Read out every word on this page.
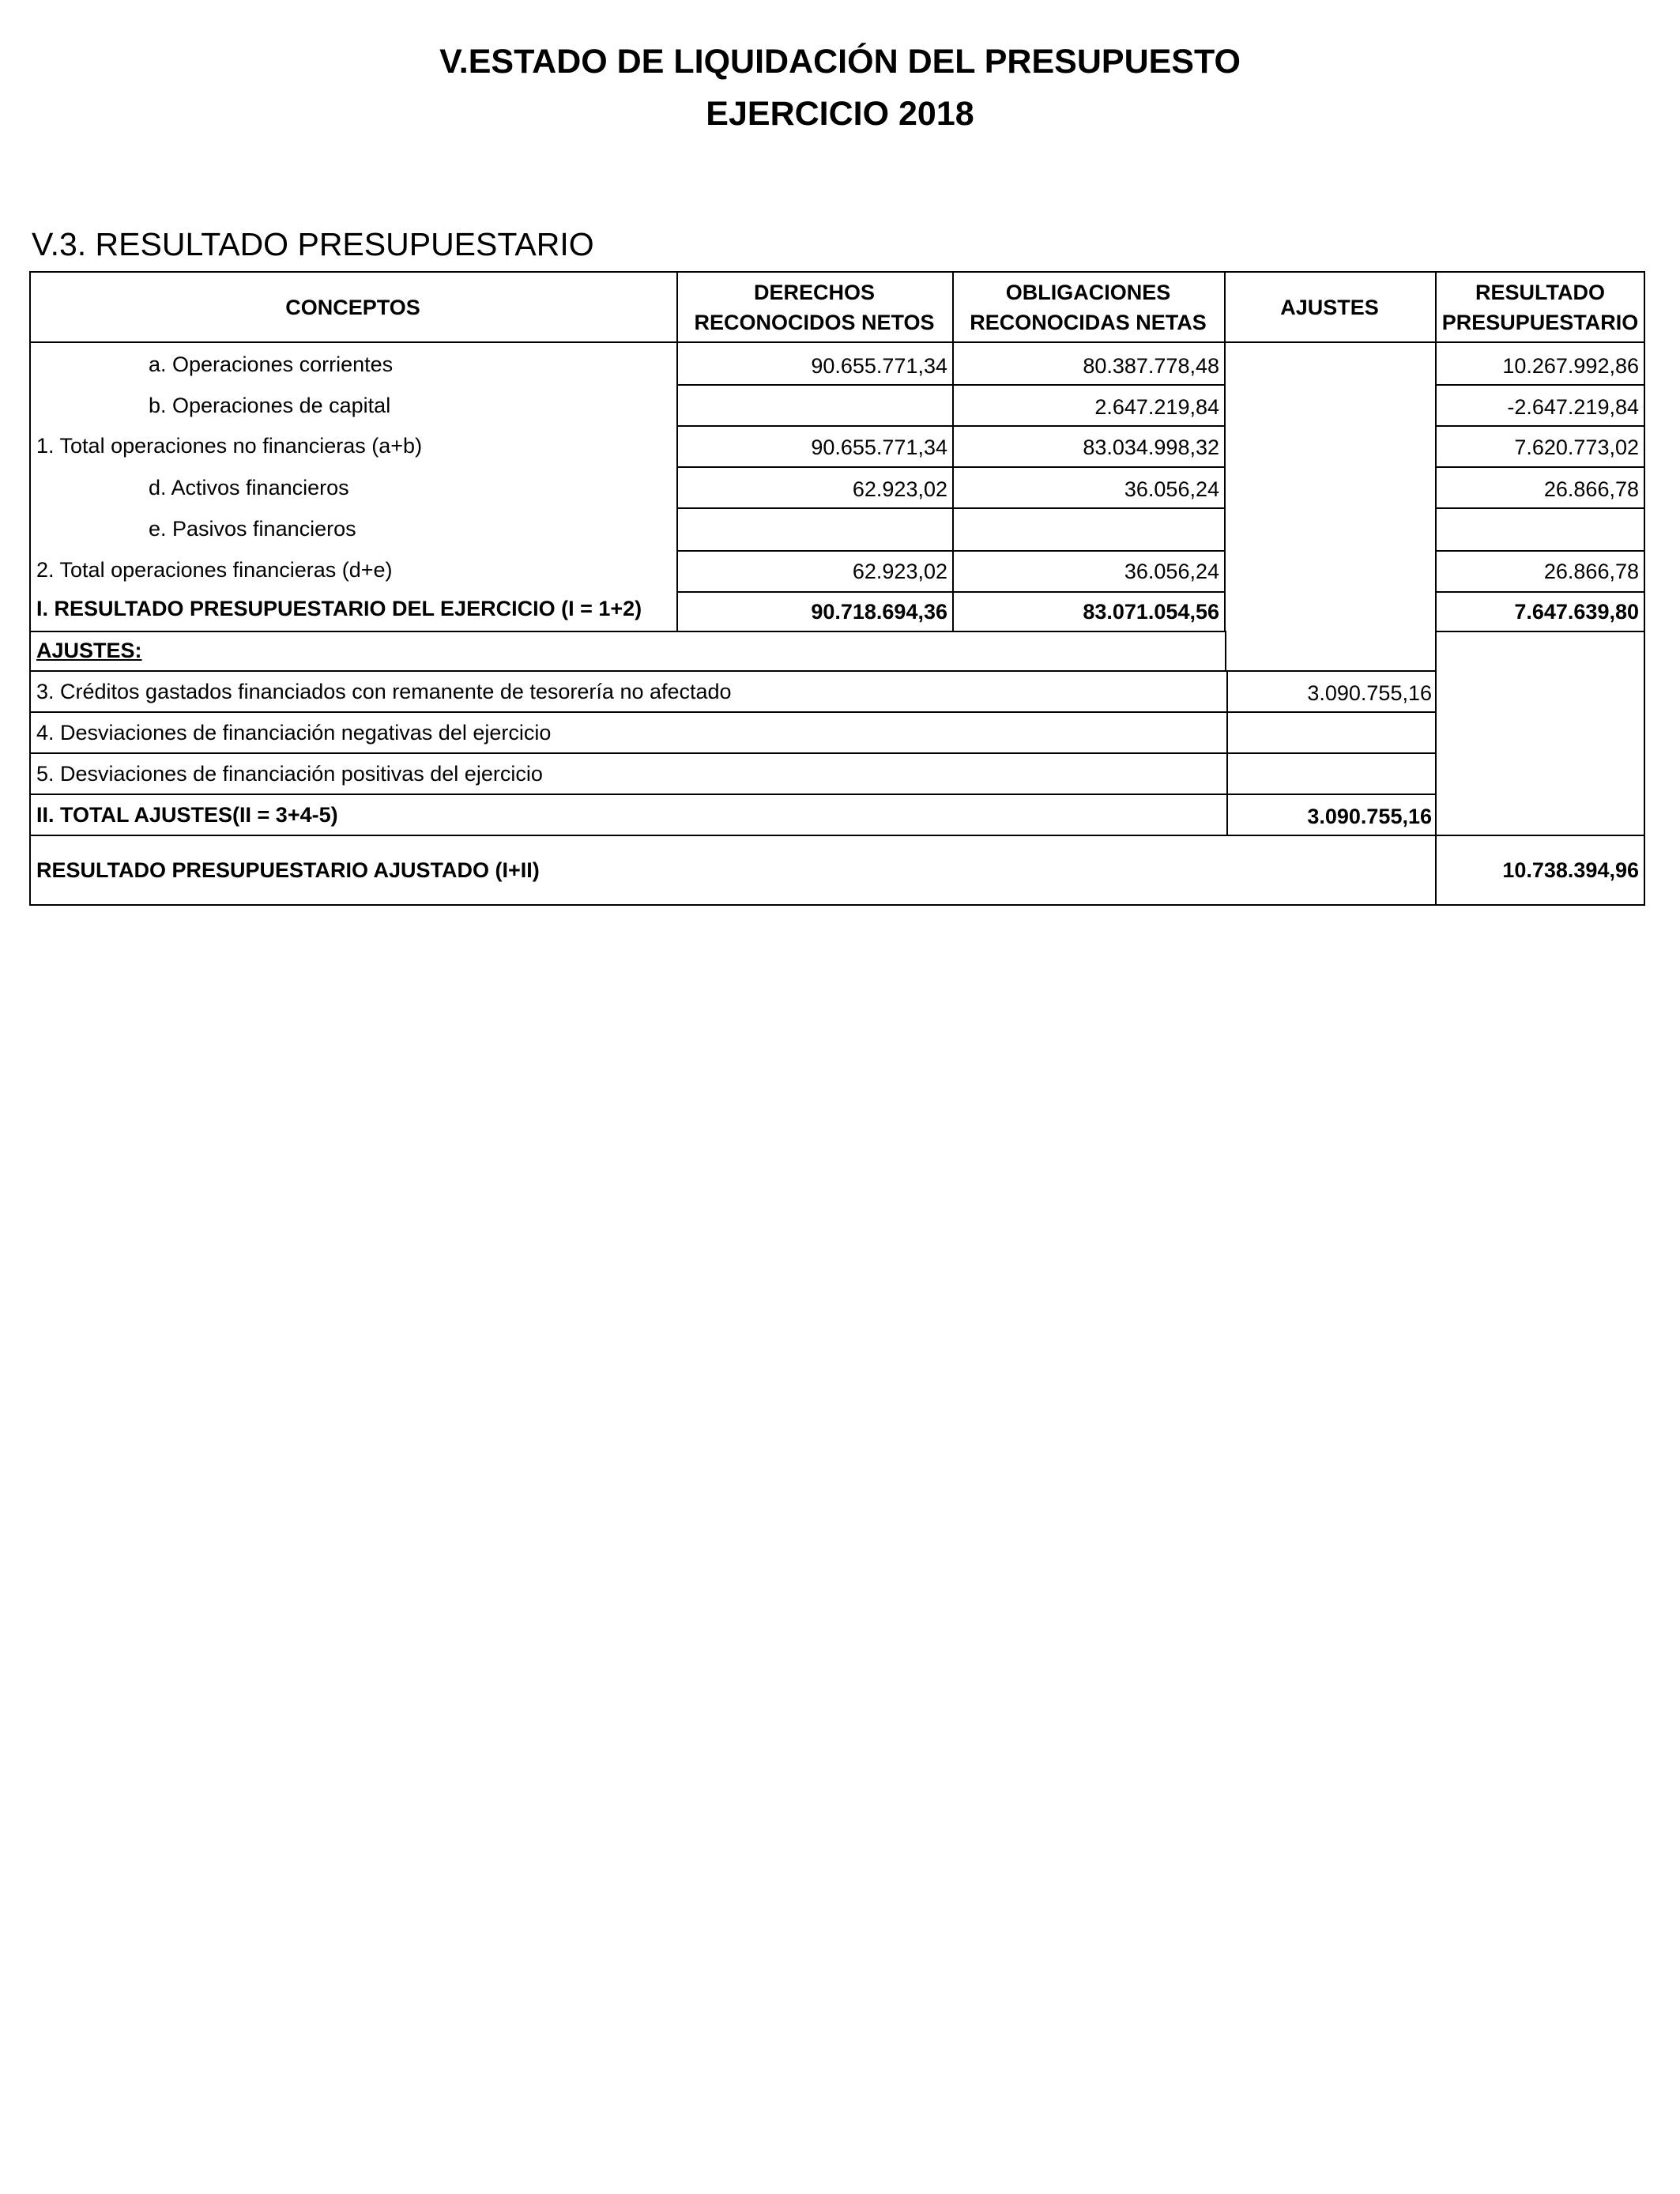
V.ESTADO DE LIQUIDACIÓN DEL PRESUPUESTO
EJERCICIO 2018
V.3. RESULTADO PRESUPUESTARIO
CONCEPTOS
DERECHOS
RECONOCIDOS NETOS
OBLIGACIONES
RECONOCIDAS NETAS
AJUSTES
RESULTADO
PRESUPUESTARIO
a. Operaciones corrientes
b. Operaciones de capital
1. Total operaciones no financieras (a+b)
d. Activos financieros
e. Pasivos financieros
2. Total operaciones financieras (d+e)
I. RESULTADO PRESUPUESTARIO DEL EJERCICIO (I = 1+2)
90.655.771,34
90.655.771,34
62.923,02
62.923,02
90.718.694,36
80.387.778,48
2.647.219,84
83.034.998,32
36.056,24
36.056,24
83.071.054,56
10.267.992,86
-2.647.219,84
7.620.773,02
26.866,78
26.866,78
7.647.639,80
AJUSTES:
3. Créditos gastados financiados con remanente de tesorería no afectado
4. Desviaciones de financiación negativas del ejercicio
5. Desviaciones de financiación positivas del ejercicio
II. TOTAL AJUSTES(II = 3+4-5)
3.090.755,16
3.090.755,16
RESULTADO PRESUPUESTARIO AJUSTADO (I+II)	10.738.394,96
